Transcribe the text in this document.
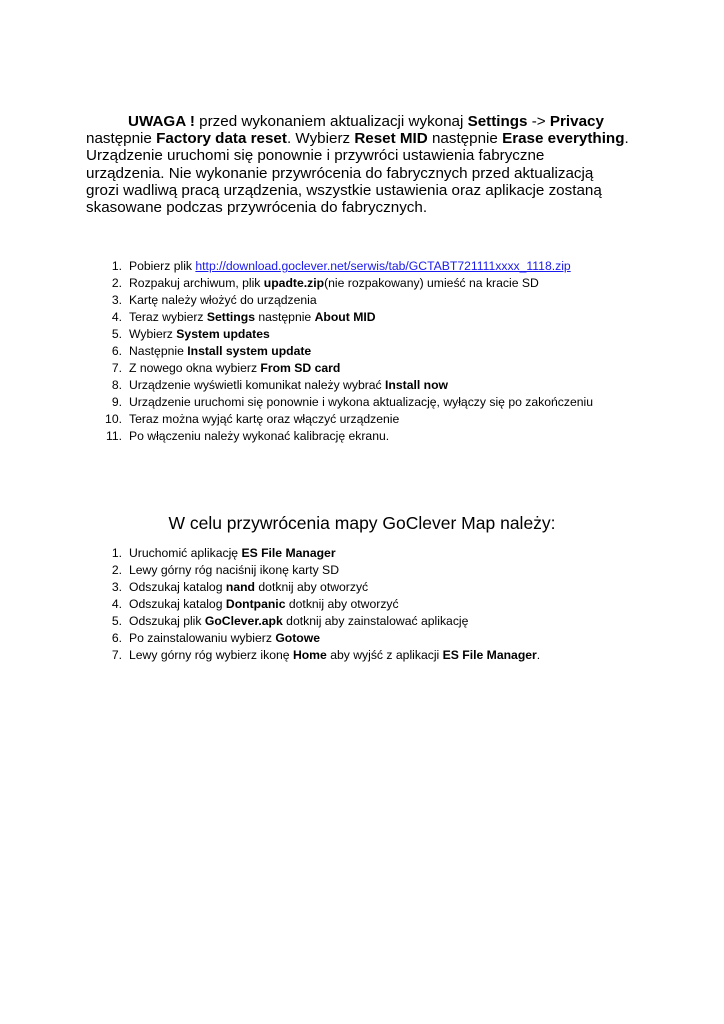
UWAGA ! przed wykonaniem aktualizacji wykonaj Settings -> Privacy
następnie Factory data reset. Wybierz Reset MID następnie Erase everything.
Urządzenie uruchomi się ponownie i przywróci ustawienia fabryczne
urządzenia. Nie wykonanie przywrócenia do fabrycznych przed aktualizacją
grozi wadliwą pracą urządzenia, wszystkie ustawienia oraz aplikacje zostaną
skasowane podczas przywrócenia do fabrycznych.
1. Pobierz plik http://download.goclever.net/serwis/tab/GCTABT721111xxxx_1118.zip
2. Rozpakuj archiwum, plik upadte.zip(nie rozpakowany) umieść na kracie SD
3. Kartę należy włożyć do urządzenia
4. Teraz wybierz Settings następnie About MID
5. Wybierz System updates
6. Następnie Install system update
7. Z nowego okna wybierz From SD card
8. Urządzenie wyświetli komunikat należy wybrać Install now
9. Urządzenie uruchomi się ponownie i wykona aktualizację, wyłączy się po zakończeniu
10. Teraz można wyjąć kartę oraz włączyć urządzenie
11. Po włączeniu należy wykonać kalibrację ekranu.
W celu przywrócenia mapy GoClever Map należy:
1. Uruchomić aplikację ES File Manager
2. Lewy górny róg naciśnij ikonę karty SD
3. Odszukaj katalog nand dotknij aby otworzyć
4. Odszukaj katalog Dontpanic dotknij aby otworzyć
5. Odszukaj plik GoClever.apk dotknij aby zainstalować aplikację
6. Po zainstalowaniu wybierz Gotowe
7. Lewy górny róg wybierz ikonę Home aby wyjść z aplikacji ES File Manager.
